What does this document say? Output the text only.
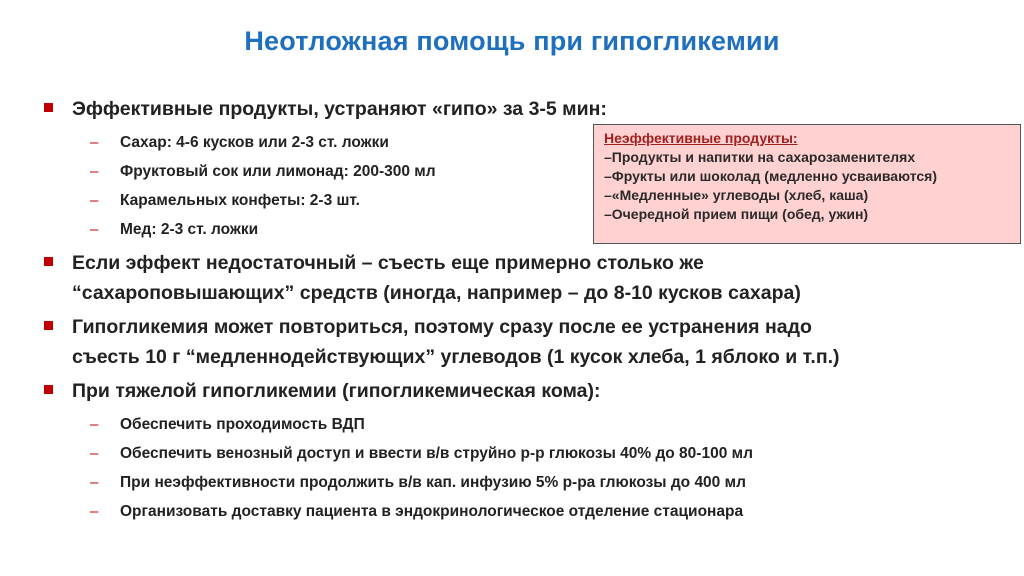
Неотложная помощь при гипогликемии
Эффективные продукты, устраняют «гипо» за 3-5 мин:
– Сахар: 4-6 кусков или 2-3 ст. ложки
– Фруктовый сок или лимонад: 200-300 мл
– Карамельных конфеты: 2-3 шт.
– Мед: 2-3 ст. ложки
Если эффект недостаточный – съесть еще примерно столько же
“сахароповышающих” средств (иногда, например – до 8-10 кусков сахара)
Гипогликемия может повториться, поэтому сразу после ее устранения надо
съесть 10 г “медленнодействующих” углеводов (1 кусок хлеба, 1 яблоко и т.п.)
При тяжелой гипогликемии (гипогликемическая кома):
– Обеспечить проходимость ВДП
– Обеспечить венозный доступ и ввести в/в струйно р-р глюкозы 40% до 80-100 мл
– При неэффективности продолжить в/в кап. инфузию 5% р-ра глюкозы до 400 мл
– Организовать доставку пациента в эндокринологическое отделение стационара
Неэффективные продукты:
–Продукты и напитки на сахарозаменителях
–Фрукты или шоколад (медленно усваиваются)
–«Медленные» углеводы (хлеб, каша)
–Очередной прием пищи (обед, ужин)
